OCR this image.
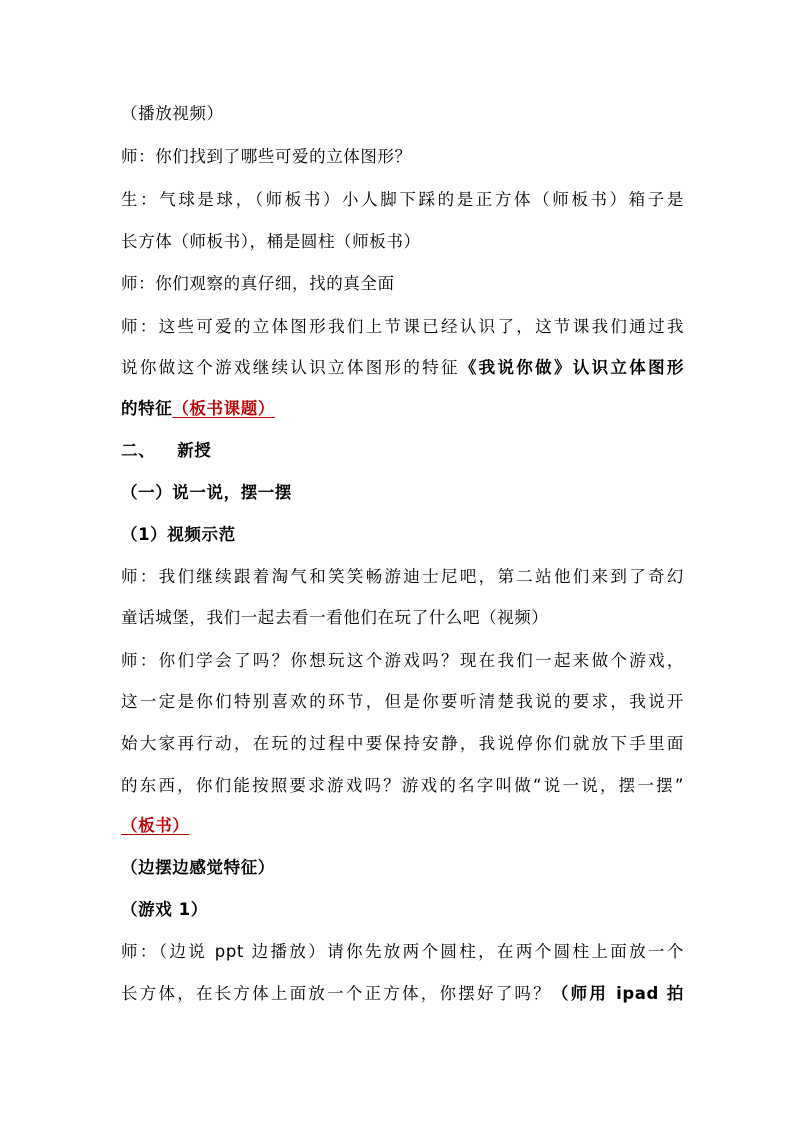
（播放视频）
师：你们找到了哪些可爱的立体图形？
生：气球是球，（师板书）小人脚下踩的是正方体（师板书）箱子是
长方体（师板书），桶是圆柱（师板书）
师：你们观察的真仔细，找的真全面
师：这些可爱的立体图形我们上节课已经认识了，这节课我们通过我
说你做这个游戏继续认识立体图形的特征《我说你做》认识立体图形
的特征（板书课题）
二、 新授
（一）说一说，摆一摆
（1）视频示范
师：我们继续跟着淘气和笑笑畅游迪士尼吧，第二站他们来到了奇幻
童话城堡，我们一起去看一看他们在玩了什么吧（视频）
师：你们学会了吗？你想玩这个游戏吗？现在我们一起来做个游戏，
这一定是你们特别喜欢的环节，但是你要听清楚我说的要求，我说开
始大家再行动，在玩的过程中要保持安静，我说停你们就放下手里面
的东西，你们能按照要求游戏吗？游戏的名字叫做“说一说，摆一摆”
（板书）
（边摆边感觉特征）
（游戏 1）
师：（边说 ppt 边播放）请你先放两个圆柱，在两个圆柱上面放一个
长方体，在长方体上面放一个正方体，你摆好了吗？（师用 ipad 拍
